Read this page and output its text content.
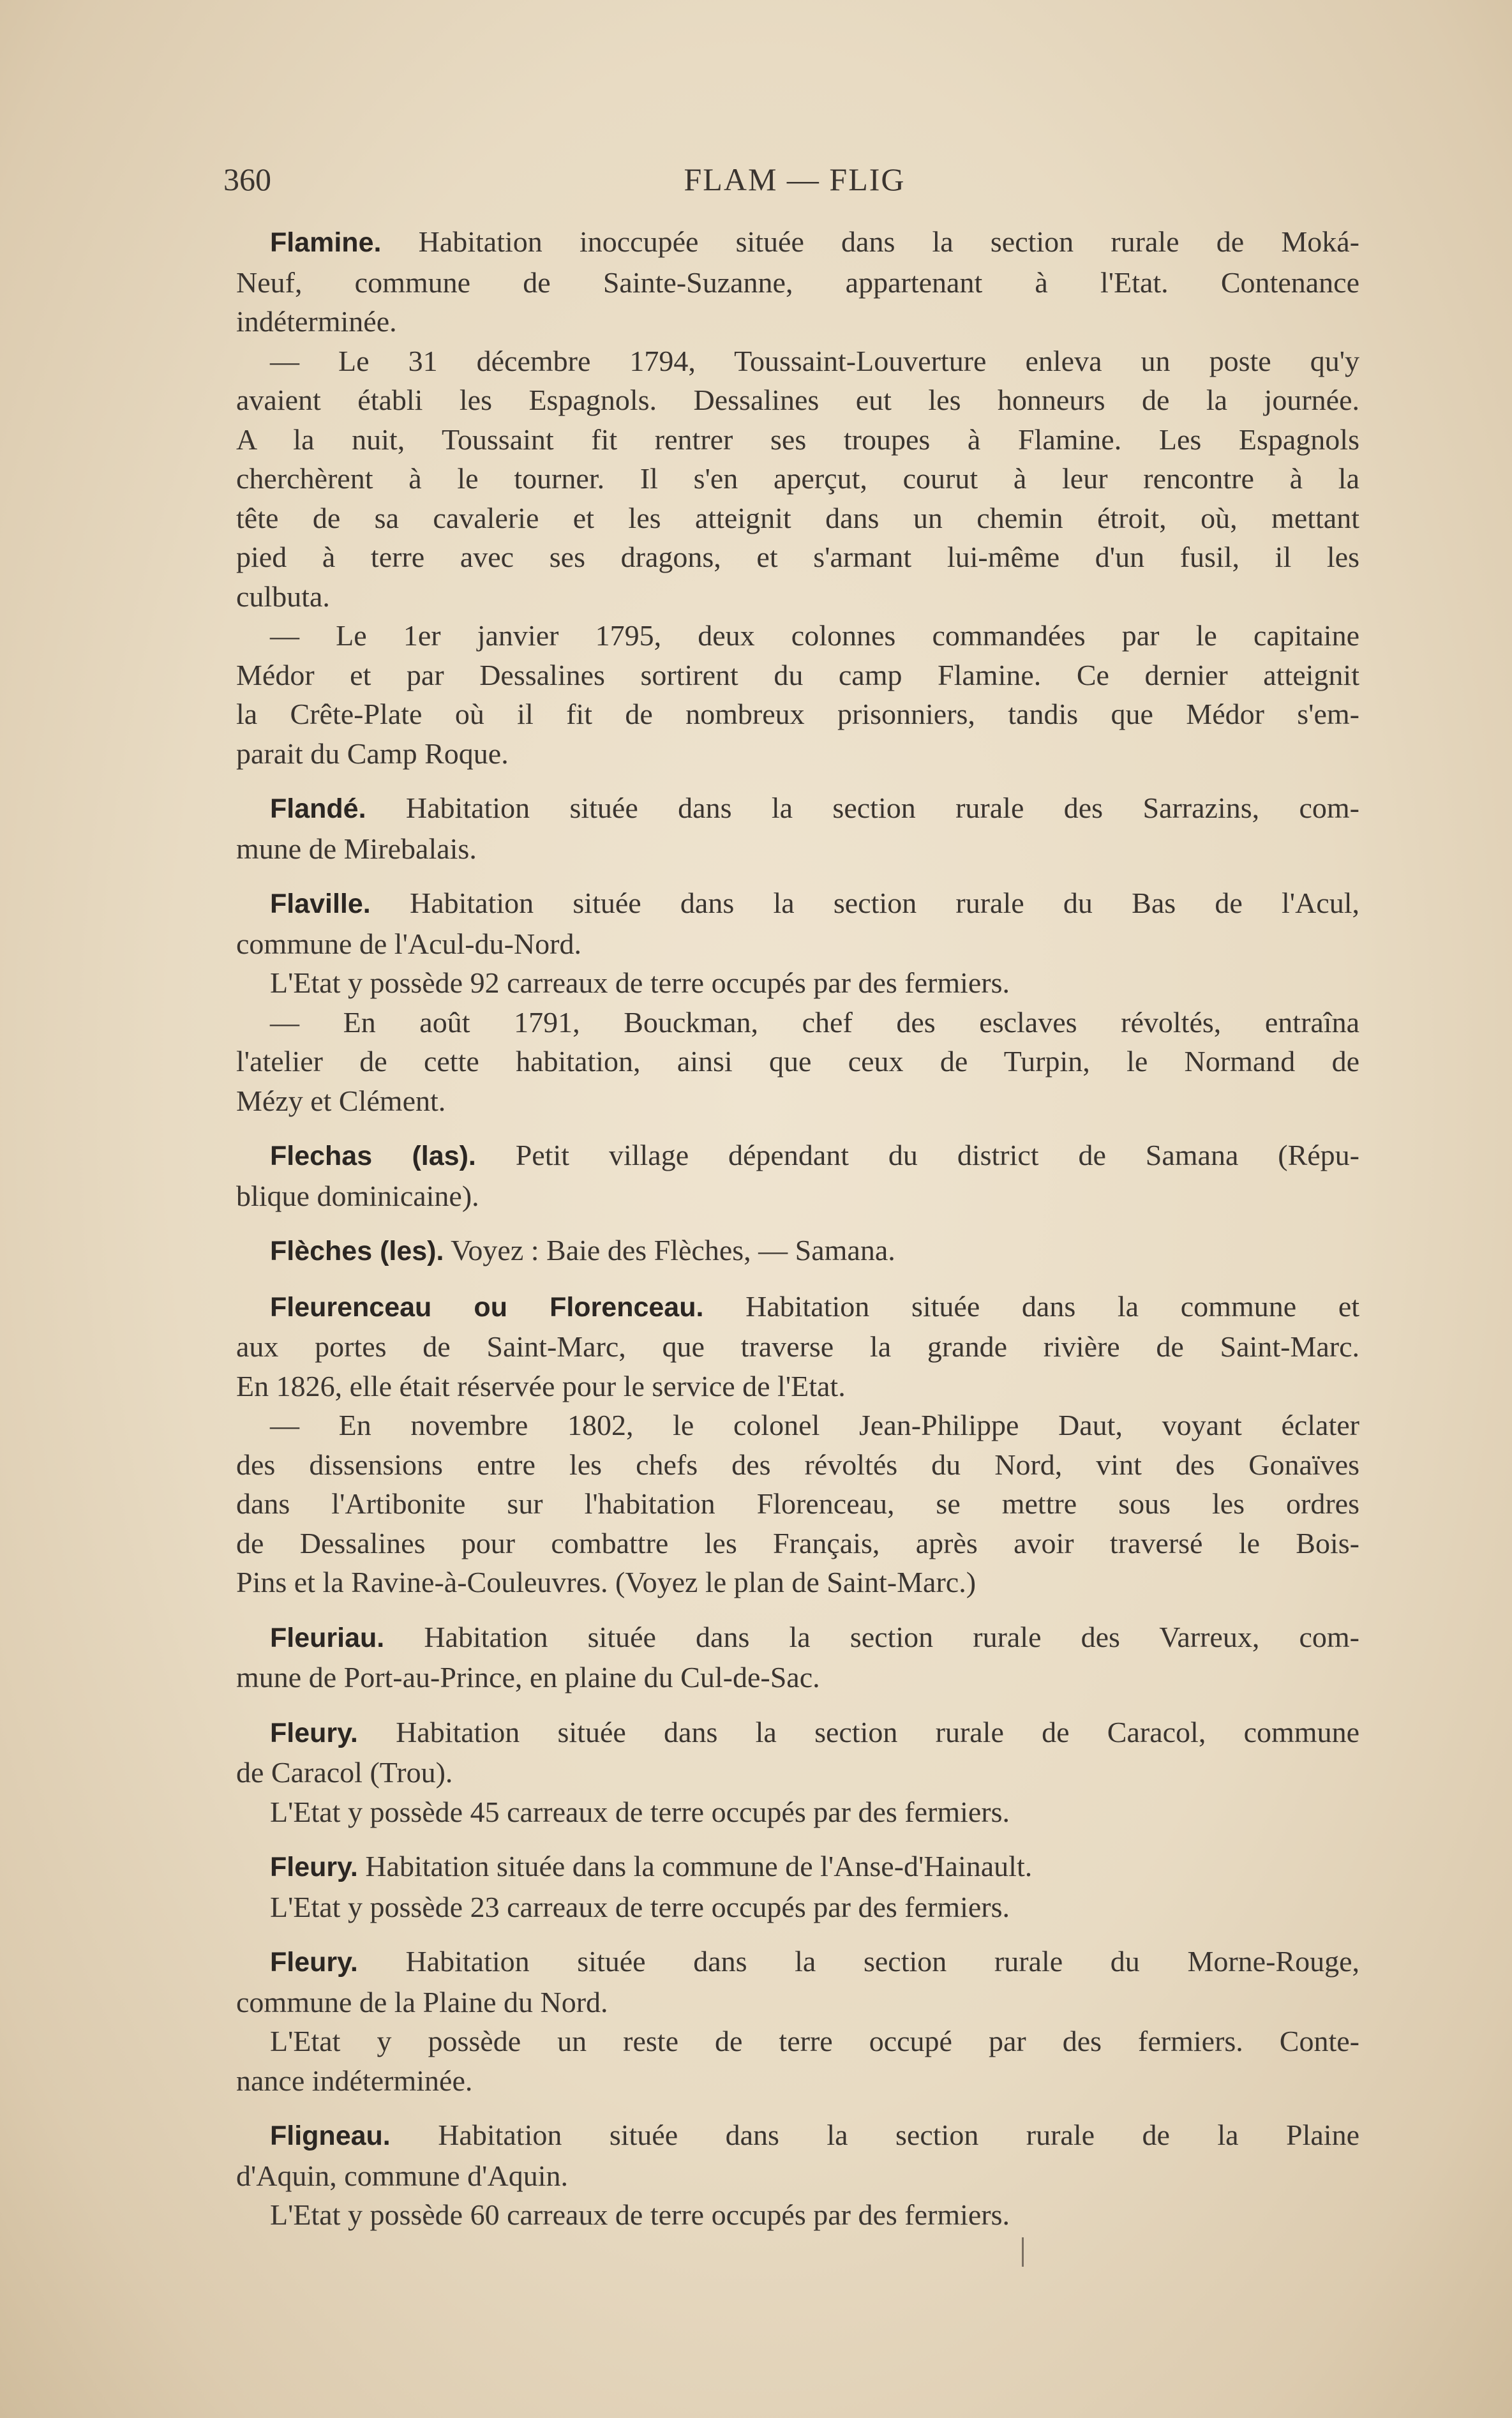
360	FLAM — FLIG
Flamine. Habitation inoccupée située dans la section rurale de Moká-
Neuf, commune de Sainte-Suzanne, appartenant à l'Etat. Contenance
indéterminée.
— Le 31 décembre 1794, Toussaint-Louverture enleva un poste qu'y
avaient établi les Espagnols. Dessalines eut les honneurs de la journée.
A la nuit, Toussaint fit rentrer ses troupes à Flamine. Les Espagnols
cherchèrent à le tourner. Il s'en aperçut, courut à leur rencontre à la
tête de sa cavalerie et les atteignit dans un chemin étroit, où, mettant
pied à terre avec ses dragons, et s'armant lui-même d'un fusil, il les
culbuta.
— Le 1er janvier 1795, deux colonnes commandées par le capitaine
Médor et par Dessalines sortirent du camp Flamine. Ce dernier atteignit
la Crête-Plate où il fit de nombreux prisonniers, tandis que Médor s'em-
parait du Camp Roque.
Flandé. Habitation située dans la section rurale des Sarrazins, com-
mune de Mirebalais.
Flaville. Habitation située dans la section rurale du Bas de l'Acul,
commune de l'Acul-du-Nord.
L'Etat y possède 92 carreaux de terre occupés par des fermiers.
— En août 1791, Bouckman, chef des esclaves révoltés, entraîna
l'atelier de cette habitation, ainsi que ceux de Turpin, le Normand de
Mézy et Clément.
Flechas (las). Petit village dépendant du district de Samana (Répu-
blique dominicaine).
Flèches (les). Voyez : Baie des Flèches, — Samana.
Fleurenceau ou Florenceau. Habitation située dans la commune et
aux portes de Saint-Marc, que traverse la grande rivière de Saint-Marc.
En 1826, elle était réservée pour le service de l'Etat.
— En novembre 1802, le colonel Jean-Philippe Daut, voyant éclater
des dissensions entre les chefs des révoltés du Nord, vint des Gonaïves
dans l'Artibonite sur l'habitation Florenceau, se mettre sous les ordres
de Dessalines pour combattre les Français, après avoir traversé le Bois-
Pins et la Ravine-à-Couleuvres. (Voyez le plan de Saint-Marc.)
Fleuriau. Habitation située dans la section rurale des Varreux, com-
mune de Port-au-Prince, en plaine du Cul-de-Sac.
Fleury. Habitation située dans la section rurale de Caracol, commune
de Caracol (Trou).
L'Etat y possède 45 carreaux de terre occupés par des fermiers.
Fleury. Habitation située dans la commune de l'Anse-d'Hainault.
L'Etat y possède 23 carreaux de terre occupés par des fermiers.
Fleury. Habitation située dans la section rurale du Morne-Rouge,
commune de la Plaine du Nord.
L'Etat y possède un reste de terre occupé par des fermiers. Conte-
nance indéterminée.
Fligneau. Habitation située dans la section rurale de la Plaine
d'Aquin, commune d'Aquin.
L'Etat y possède 60 carreaux de terre occupés par des fermiers.
